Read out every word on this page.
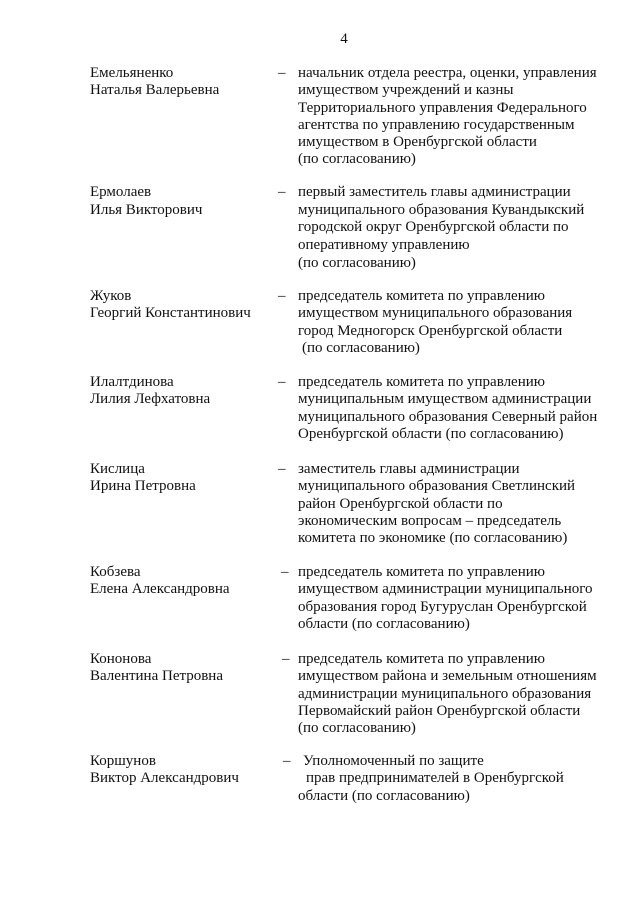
4
Емельяненко
Наталья Валерьевна
– начальник отдела реестра, оценки, управления
имуществом учреждений и казны
Территориального управления Федерального
агентства по управлению государственным
имуществом в Оренбургской области
(по согласованию)
Ермолаев
Илья Викторович
– первый заместитель главы администрации
муниципального образования Кувандыкский
городской округ Оренбургской области по
оперативному управлению
(по согласованию)
Жуков
Георгий Константинович
– председатель комитета по управлению
имуществом муниципального образования
город Медногорск Оренбургской области
(по согласованию)
Илалтдинова
Лилия Лефхатовна
– председатель комитета по управлению
муниципальным имуществом администрации
муниципального образования Северный район
Оренбургской области (по согласованию)
Кислица
Ирина Петровна
– заместитель главы администрации
муниципального образования Светлинский
район Оренбургской области по
экономическим вопросам – председатель
комитета по экономике (по согласованию)
Кобзева
Елена Александровна
– председатель комитета по управлению
имуществом администрации муниципального
образования город Бугуруслан Оренбургской
области (по согласованию)
Кононова
Валентина Петровна
– председатель комитета по управлению
имуществом района и земельным отношениям
администрации муниципального образования
Первомайский район Оренбургской области
(по согласованию)
Коршунов
Виктор Александрович
– Уполномоченный по защите
прав предпринимателей в Оренбургской
области (по согласованию)
